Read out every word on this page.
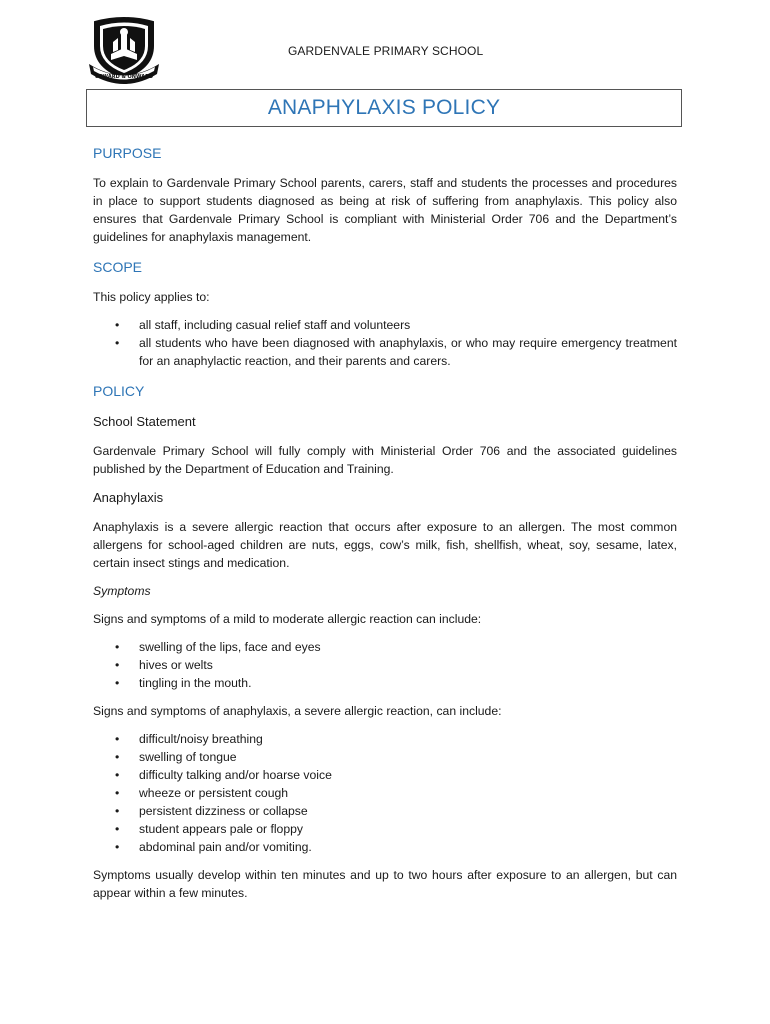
UPWARD & ONWARD
GARDENVALE PRIMARY SCHOOL
ANAPHYLAXIS POLICY
PURPOSE

To explain to Gardenvale Primary School parents, carers, staff and students the processes and procedures in place to support students diagnosed as being at risk of suffering from anaphylaxis. This policy also ensures that Gardenvale Primary School is compliant with Ministerial Order 706 and the Department’s guidelines for anaphylaxis management.

SCOPE

This policy applies to:

• all staff, including casual relief staff and volunteers
• all students who have been diagnosed with anaphylaxis, or who may require emergency treatment for an anaphylactic reaction, and their parents and carers.
POLICY
School Statement

Gardenvale Primary School will fully comply with Ministerial Order 706 and the associated guidelines published by the Department of Education and Training.

Anaphylaxis

Anaphylaxis is a severe allergic reaction that occurs after exposure to an allergen. The most common allergens for school-aged children are nuts, eggs, cow’s milk, fish, shellfish, wheat, soy, sesame, latex, certain insect stings and medication.

Symptoms

Signs and symptoms of a mild to moderate allergic reaction can include:

• swelling of the lips, face and eyes
• hives or welts
• tingling in the mouth.

Signs and symptoms of anaphylaxis, a severe allergic reaction, can include:

• difficult/noisy breathing
• swelling of tongue
• difficulty talking and/or hoarse voice
• wheeze or persistent cough
• persistent dizziness or collapse
• student appears pale or floppy
• abdominal pain and/or vomiting.

Symptoms usually develop within ten minutes and up to two hours after exposure to an allergen, but can appear within a few minutes.
